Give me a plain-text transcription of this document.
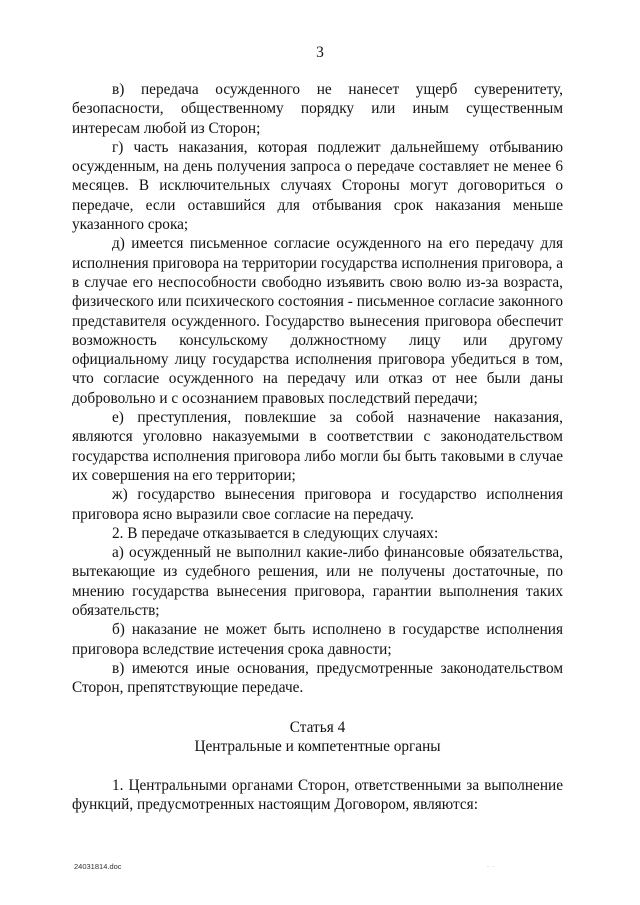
3

в) передача осужденного не нанесет ущерб суверенитету, безопасности, общественному порядку или иным существенным интересам любой из Сторон;

г) часть наказания, которая подлежит дальнейшему отбыванию осужденным, на день получения запроса о передаче составляет не менее 6 месяцев. В исключительных случаях Стороны могут договориться о передаче, если оставшийся для отбывания срок наказания меньше указанного срока;

д) имеется письменное согласие осужденного на его передачу для исполнения приговора на территории государства исполнения приговора, а в случае его неспособности свободно изъявить свою волю из-за возраста, физического или психического состояния - письменное согласие законного представителя осужденного. Государство вынесения приговора обеспечит возможность консульскому должностному лицу или другому официальному лицу государства исполнения приговора убедиться в том, что согласие осужденного на передачу или отказ от нее были даны добровольно и с осознанием правовых последствий передачи;

е) преступления, повлекшие за собой назначение наказания, являются уголовно наказуемыми в соответствии с законодательством государства исполнения приговора либо могли бы быть таковыми в случае их совершения на его территории;

ж) государство вынесения приговора и государство исполнения приговора ясно выразили свое согласие на передачу.

2. В передаче отказывается в следующих случаях:

а) осужденный не выполнил какие-либо финансовые обязательства, вытекающие из судебного решения, или не получены достаточные, по мнению государства вынесения приговора, гарантии выполнения таких обязательств;

б) наказание не может быть исполнено в государстве исполнения приговора вследствие истечения срока давности;

в) имеются иные основания, предусмотренные законодательством Сторон, препятствующие передаче.

Статья 4

Центральные и компетентные органы

1. Центральными органами Сторон, ответственными за выполнение функций, предусмотренных настоящим Договором, являются:

24031814.doc	. .
